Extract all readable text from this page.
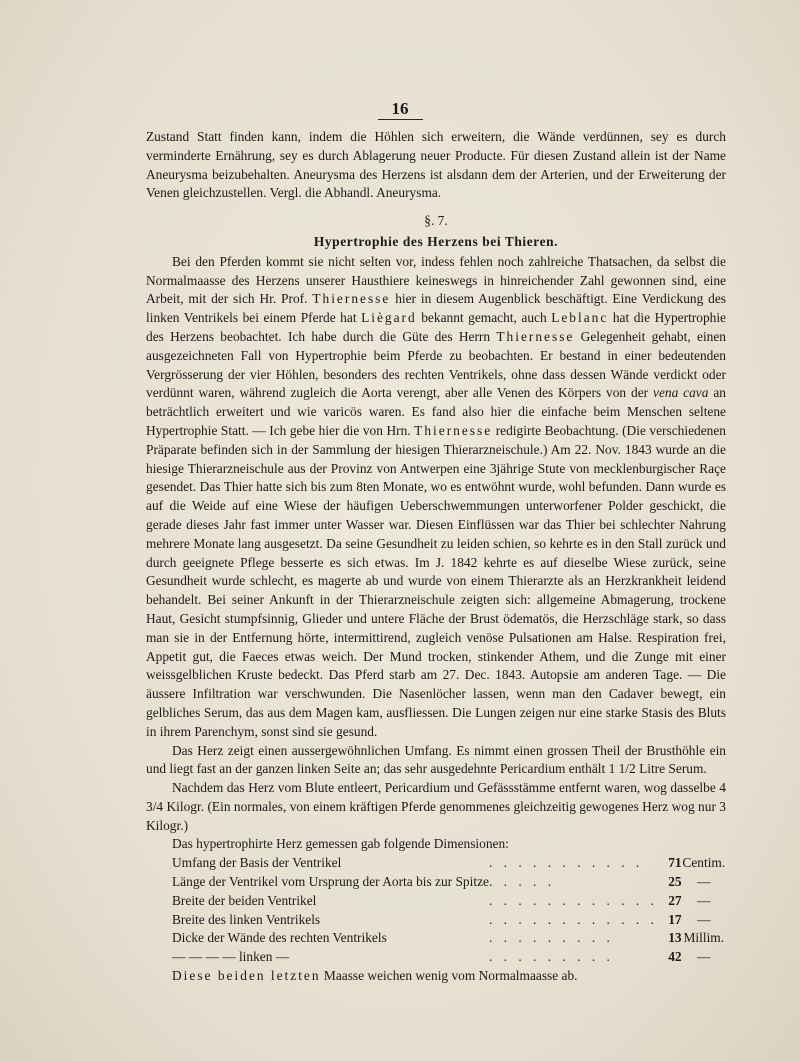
16

Zustand Statt finden kann, indem die Höhlen sich erweitern, die Wände verdünnen, sey es durch verminderte Ernährung, sey es durch Ablagerung neuer Producte. Für diesen Zustand allein ist der Name Aneurysma beizubehalten. Aneurysma des Herzens ist alsdann dem der Arterien, und der Erweiterung der Venen gleichzustellen. Vergl. die Abhandl. Aneurysma.

§. 7.
Hypertrophie des Herzens bei Thieren.

Bei den Pferden kommt sie nicht selten vor, indess fehlen noch zahlreiche Thatsachen, da selbst die Normalmaasse des Herzens unserer Hausthiere keineswegs in hinreichender Zahl gewonnen sind, eine Arbeit, mit der sich Hr. Prof. Thiernesse hier in diesem Augenblick beschäftigt. Eine Verdickung des linken Ventrikels bei einem Pferde hat Liègard bekannt gemacht, auch Leblanc hat die Hypertrophie des Herzens beobachtet. Ich habe durch die Güte des Herrn Thiernesse Gelegenheit gehabt, einen ausgezeichneten Fall von Hypertrophie beim Pferde zu beobachten. Er bestand in einer bedeutenden Vergrösserung der vier Höhlen, besonders des rechten Ventrikels, ohne dass dessen Wände verdickt oder verdünnt waren, während zugleich die Aorta verengt, aber alle Venen des Körpers von der vena cava an beträchtlich erweitert und wie varicös waren. Es fand also hier die einfache beim Menschen seltene Hypertrophie Statt. — Ich gebe hier die von Hrn. Thiernesse redigirte Beobachtung. (Die verschiedenen Präparate befinden sich in der Sammlung der hiesigen Thierarzneischule.) Am 22. Nov. 1843 wurde an die hiesige Thierarzneischule aus der Provinz von Antwerpen eine 3jährige Stute von mecklenburgischer Raçe gesendet. Das Thier hatte sich bis zum 8ten Monate, wo es entwöhnt wurde, wohl befunden. Dann wurde es auf die Weide auf eine Wiese der häufigen Ueberschwemmungen unterworfener Polder geschickt, die gerade dieses Jahr fast immer unter Wasser war. Diesen Einflüssen war das Thier bei schlechter Nahrung mehrere Monate lang ausgesetzt. Da seine Gesundheit zu leiden schien, so kehrte es in den Stall zurück und durch geeignete Pflege besserte es sich etwas. Im J. 1842 kehrte es auf dieselbe Wiese zurück, seine Gesundheit wurde schlecht, es magerte ab und wurde von einem Thierarzte als an Herzkrankheit leidend behandelt. Bei seiner Ankunft in der Thierarzneischule zeigten sich: allgemeine Abmagerung, trockene Haut, Gesicht stumpfsinnig, Glieder und untere Fläche der Brust ödematös, die Herzschläge stark, so dass man sie in der Entfernung hörte, intermittirend, zugleich venöse Pulsationen am Halse. Respiration frei, Appetit gut, die Faeces etwas weich. Der Mund trocken, stinkender Athem, und die Zunge mit einer weissgelblichen Kruste bedeckt. Das Pferd starb am 27. Dec. 1843. Autopsie am anderen Tage. — Die äussere Infiltration war verschwunden. Die Nasenlöcher lassen, wenn man den Cadaver bewegt, ein gelbliches Serum, das aus dem Magen kam, ausfliessen. Die Lungen zeigen nur eine starke Stasis des Bluts in ihrem Parenchym, sonst sind sie gesund.

Das Herz zeigt einen aussergewöhnlichen Umfang. Es nimmt einen grossen Theil der Brusthöhle ein und liegt fast an der ganzen linken Seite an; das sehr ausgedehnte Pericardium enthält 1 1/2 Litre Serum.

Nachdem das Herz vom Blute entleert, Pericardium und Gefässstämme entfernt waren, wog dasselbe 4 3/4 Kilogr. (Ein normales, von einem kräftigen Pferde genommenes gleichzeitig gewogenes Herz wog nur 3 Kilogr.)

Das hypertrophirte Herz gemessen gab folgende Dimensionen:

Umfang der Basis der Ventrikel	. . . . . . . . . . .	71	Centim.
Länge der Ventrikel vom Ursprung der Aorta bis zur Spitze	. . . . .	25	—
Breite der beiden Ventrikel	. . . . . . . . . . . .	27	—
Breite des linken Ventrikels	. . . . . . . . . . . .	17	—
Dicke der Wände des rechten Ventrikels	. . . . . . . . .	13	Millim.
— — — — linken —	. . . . . . . . .	42	—

Diese beiden letzten Maasse weichen wenig vom Normalmaasse ab.
